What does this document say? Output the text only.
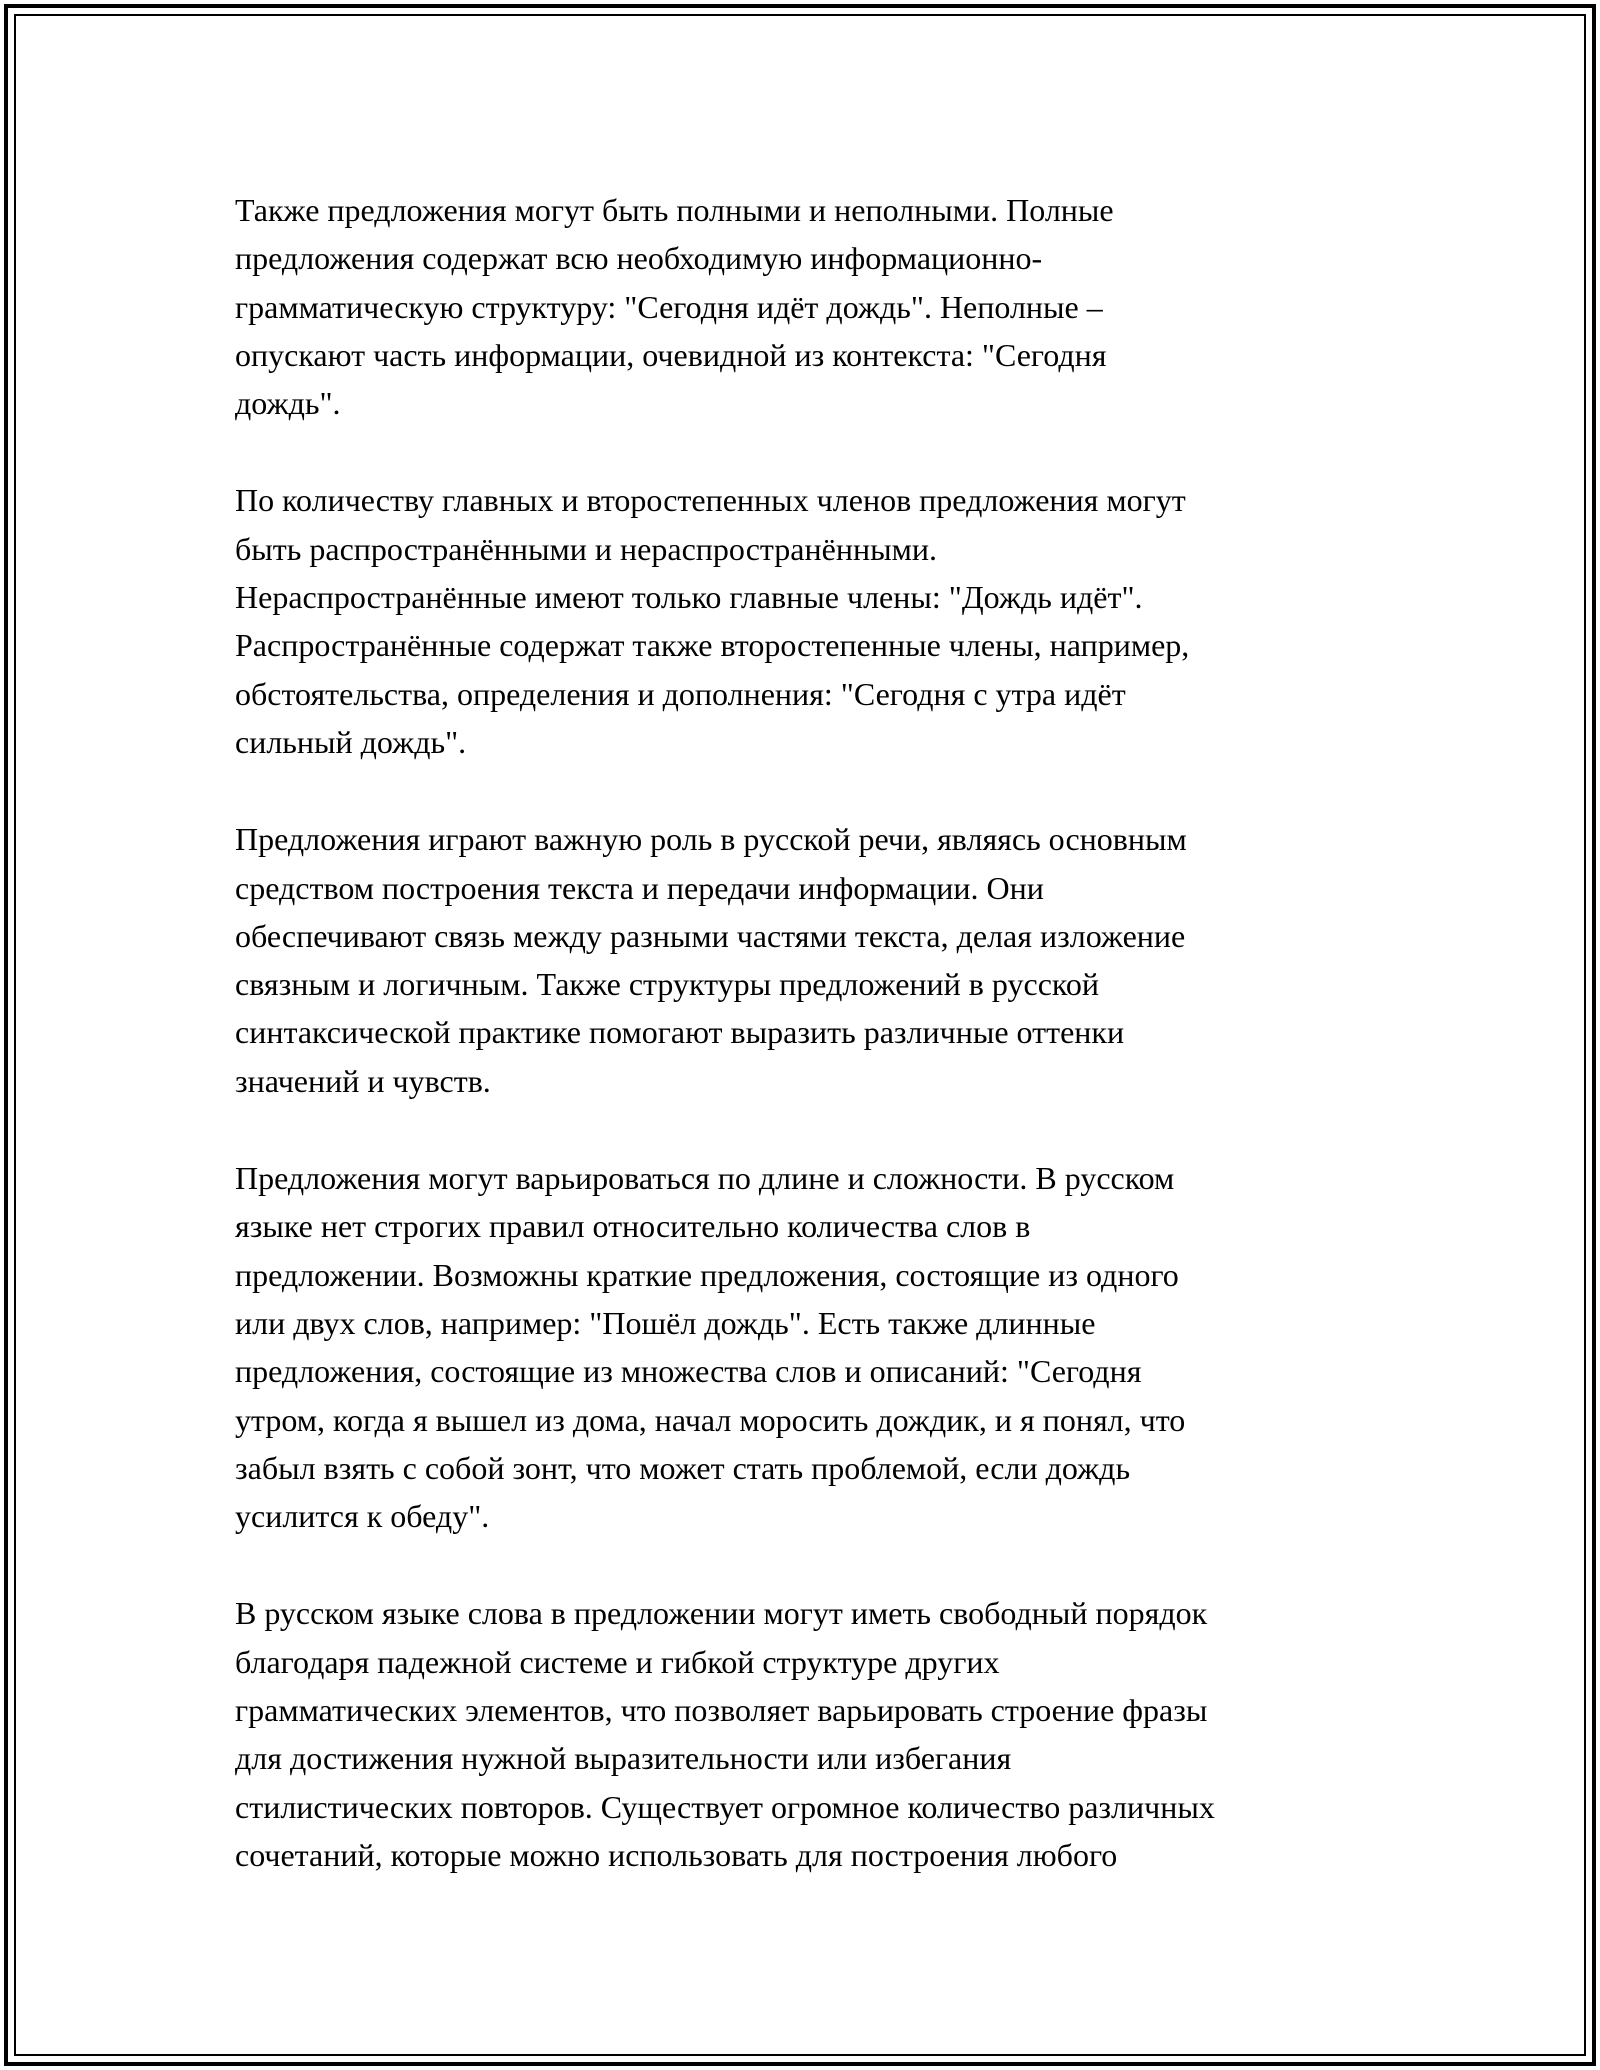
Также предложения могут быть полными и неполными. Полные
предложения содержат всю необходимую информационно-
грамматическую структуру: "Сегодня идёт дождь". Неполные –
опускают часть информации, очевидной из контекста: "Сегодня
дождь".

По количеству главных и второстепенных членов предложения могут
быть распространёнными и нераспространёнными.
Нераспространённые имеют только главные члены: "Дождь идёт".
Распространённые содержат также второстепенные члены, например,
обстоятельства, определения и дополнения: "Сегодня с утра идёт
сильный дождь".

Предложения играют важную роль в русской речи, являясь основным
средством построения текста и передачи информации. Они
обеспечивают связь между разными частями текста, делая изложение
связным и логичным. Также структуры предложений в русской
синтаксической практике помогают выразить различные оттенки
значений и чувств.

Предложения могут варьироваться по длине и сложности. В русском
языке нет строгих правил относительно количества слов в
предложении. Возможны краткие предложения, состоящие из одного
или двух слов, например: "Пошёл дождь". Есть также длинные
предложения, состоящие из множества слов и описаний: "Сегодня
утром, когда я вышел из дома, начал моросить дождик, и я понял, что
забыл взять с собой зонт, что может стать проблемой, если дождь
усилится к обеду".

В русском языке слова в предложении могут иметь свободный порядок
благодаря падежной системе и гибкой структуре других
грамматических элементов, что позволяет варьировать строение фразы
для достижения нужной выразительности или избегания
стилистических повторов. Существует огромное количество различных
сочетаний, которые можно использовать для построения любого
